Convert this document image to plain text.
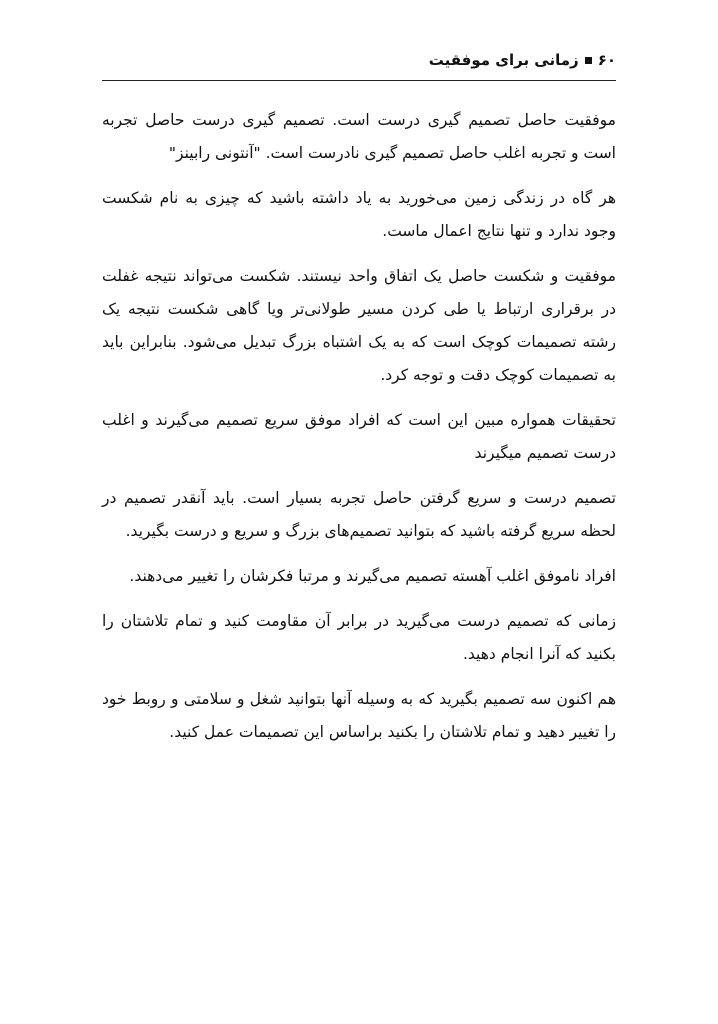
۶۰
زمانی برای موفقیت

موفقیت حاصل تصمیم گیری درست است. تصمیم گیری درست حاصل تجربه است و تجربه اغلب حاصل تصمیم گیری نادرست است. "آنتونی رابینز"

هر گاه در زندگی زمین می‌خورید به یاد داشته باشید که چیزی به نام شکست وجود ندارد و تنها نتایج اعمال ماست.

موفقیت و شکست حاصل یک اتفاق واحد نیستند. شکست می‌تواند نتیجه غفلت در برقراری ارتباط یا طی کردن مسیر طولانی‌تر ویا گاهی شکست نتیجه یک رشته تصمیمات کوچک است که به یک اشتباه بزرگ تبدیل می‌شود. بنابراین باید به تصمیمات کوچک دقت و توجه کرد.

تحقیقات همواره مبین این است که افراد موفق سریع تصمیم می‌گیرند و اغلب درست تصمیم میگیرند

تصمیم درست و سریع گرفتن حاصل تجربه بسیار است. باید آنقدر تصمیم در لحظه سریع گرفته باشید که بتوانید تصمیم‌های بزرگ و سریع و درست بگیرید.

افراد ناموفق اغلب آهسته تصمیم می‌گیرند و مرتبا فکرشان را تغییر می‌دهند.

زمانی که تصمیم درست می‌گیرید در برابر آن مقاومت کنید و تمام تلاشتان را بکنید که آنرا انجام دهید.

هم اکنون سه تصمیم بگیرید که به وسیله آنها بتوانید شغل و سلامتی و روبط خود را تغییر دهید و تمام تلاشتان را بکنید براساس این تصمیمات عمل کنید.
